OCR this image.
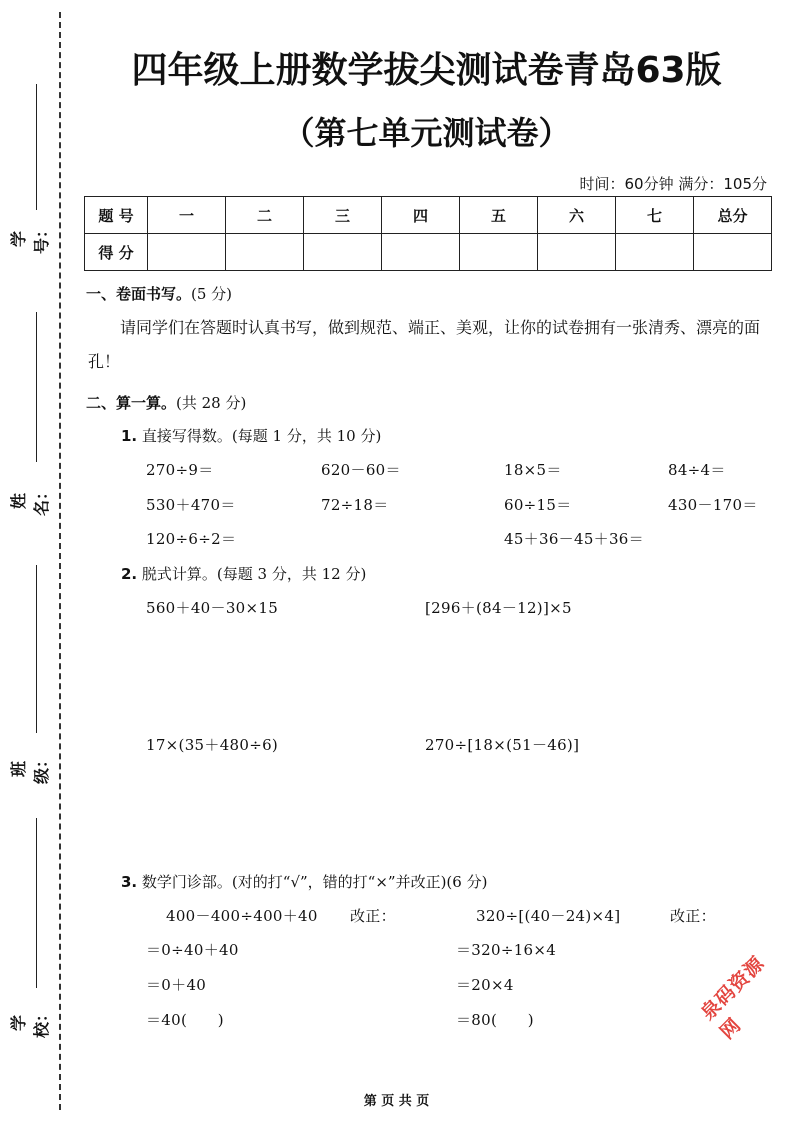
学号：
姓名：
班级：
学校：
四年级上册数学拔尖测试卷青岛63版
（第七单元测试卷）
时间：60分钟 满分：105分
题 号	一	二	三	四	五	六	七	总分
得 分								
一、卷面书写。(5 分)
请同学们在答题时认真书写，做到规范、端正、美观，让你的试卷拥有一张清秀、漂亮的面孔！
二、算一算。(共 28 分)
1. 直接写得数。(每题 1 分，共 10 分)
270÷9＝	620－60＝	18×5＝	84÷4＝
530＋470＝	72÷18＝	60÷15＝	430－170＝
120÷6÷2＝	45＋36－45＋36＝
2. 脱式计算。(每题 3 分，共 12 分)
560＋40－30×15	[296＋(84－12)]×5
17×(35＋480÷6)	270÷[18×(51－46)]
3. 数学门诊部。(对的打“√”，错的打“×”并改正)(6 分)
400－400÷400＋40 改正：
＝0÷40＋40
＝0＋40
＝40(　　)
320÷[(40－24)×4]	改正：
＝320÷16×4
＝20×4
＝80(　　)	泉码资源网
第 页 共 页
